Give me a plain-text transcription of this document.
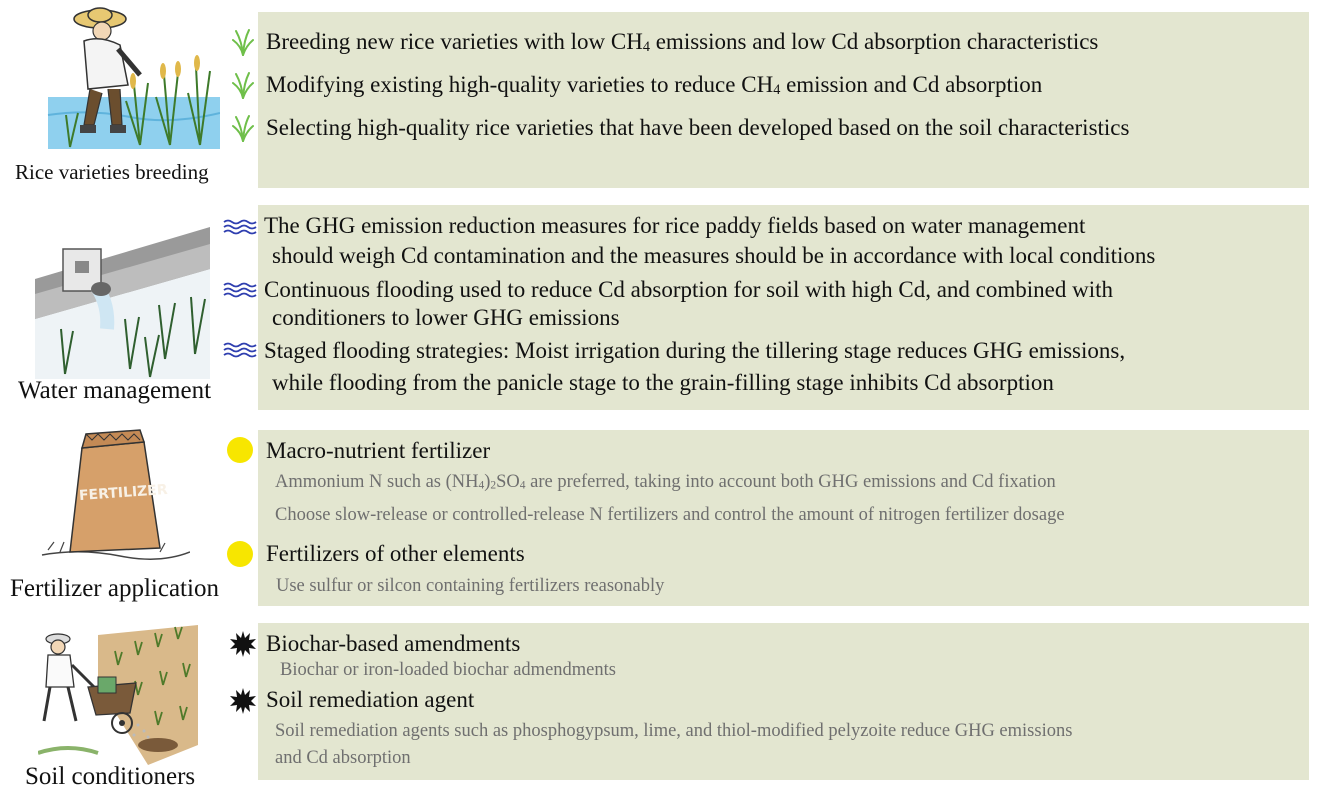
Rice varieties breeding
Breeding new rice varieties with low $CH_4$ emissions and low Cd absorption characteristics
Modifying existing high-quality varieties to reduce $CH_4$ emission and Cd absorption
Selecting high-quality rice varieties that have been developed based on the soil characteristics
Water management
The GHG emission reduction measures for rice paddy fields based on water management
should weigh Cd contamination and the measures should be in accordance with local conditions
Continuous flooding used to reduce Cd absorption for soil with high Cd, and combined with
conditioners to lower GHG emissions
Staged flooding strategies: Moist irrigation during the tillering stage reduces GHG emissions,
while flooding from the panicle stage to the grain-filling stage inhibits Cd absorption
FERTILIZER
Fertilizer application
Macro-nutrient fertilizer
Ammonium N such as $(NH_4)_2SO_4$ are preferred, taking into account both GHG emissions and Cd fixation
Choose slow-release or controlled-release N fertilizers and control the amount of nitrogen fertilizer dosage
Fertilizers of other elements
Use sulfur or silcon containing fertilizers reasonably
Soil conditioners
Biochar-based amendments
Biochar or iron-loaded biochar admendments
Soil remediation agent
Soil remediation agents such as phosphogypsum, lime, and thiol-modified pelyzoite reduce GHG emissions
and Cd absorption
